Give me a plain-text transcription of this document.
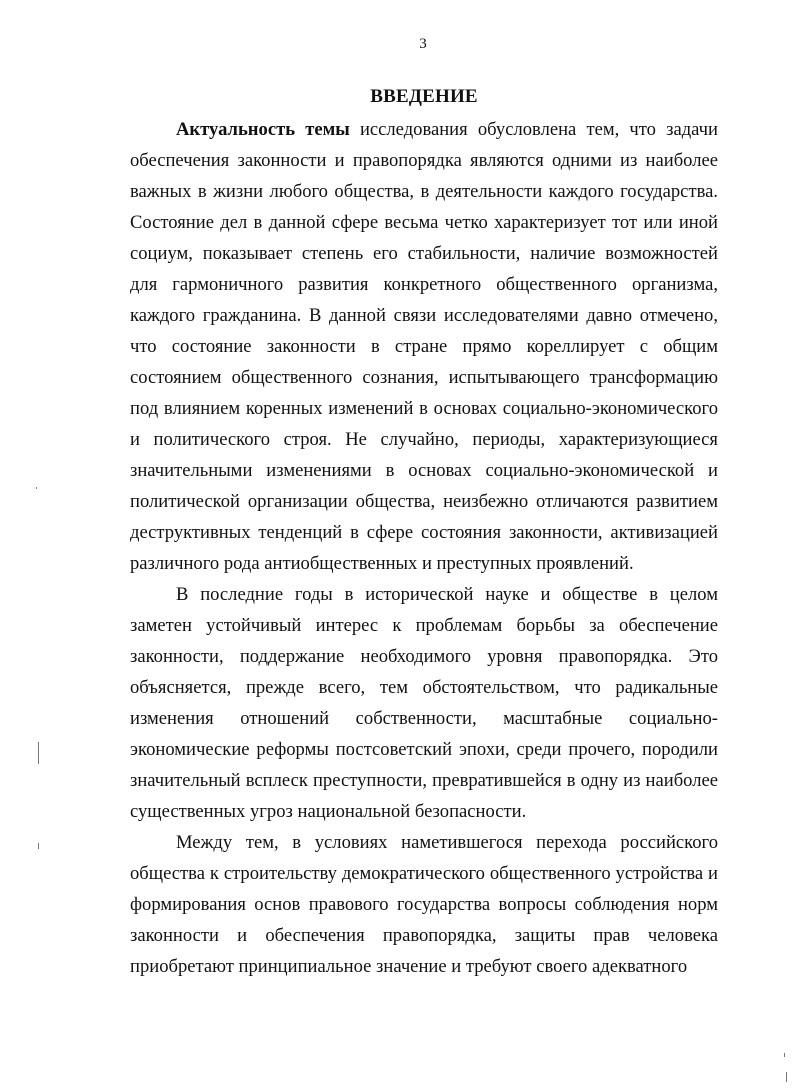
3
ВВЕДЕНИЕ

Актуальность темы исследования обусловлена тем, что задачи обеспечения законности и правопорядка являются одними из наиболее важных в жизни любого общества, в деятельности каждого государства. Состояние дел в данной сфере весьма четко характеризует тот или иной социум, показывает степень его стабильности, наличие возможностей для гармоничного развития конкретного общественного организма, каждого гражданина. В данной связи исследователями давно отмечено, что состояние законности в стране прямо кореллирует с общим состоянием общественного сознания, испытывающего трансформацию под влиянием коренных изменений в основах социально-экономического и политического строя. Не случайно, периоды, характеризующиеся значительными изменениями в основах социально-экономической и политической организации общества, неизбежно отличаются развитием деструктивных тенденций в сфере состояния законности, активизацией различного рода антиобщественных и преступных проявлений.

В последние годы в исторической науке и обществе в целом заметен устойчивый интерес к проблемам борьбы за обеспечение законности, поддержание необходимого уровня правопорядка. Это объясняется, прежде всего, тем обстоятельством, что радикальные изменения отношений собственности, масштабные социально-экономические реформы постсоветский эпохи, среди прочего, породили значительный всплеск преступности, превратившейся в одну из наиболее существенных угроз национальной безопасности.

Между тем, в условиях наметившегося перехода российского общества к строительству демократического общественного устройства и формирования основ правового государства вопросы соблюдения норм законности и обеспечения правопорядка, защиты прав человека приобретают принципиальное значение и требуют своего адекватного
